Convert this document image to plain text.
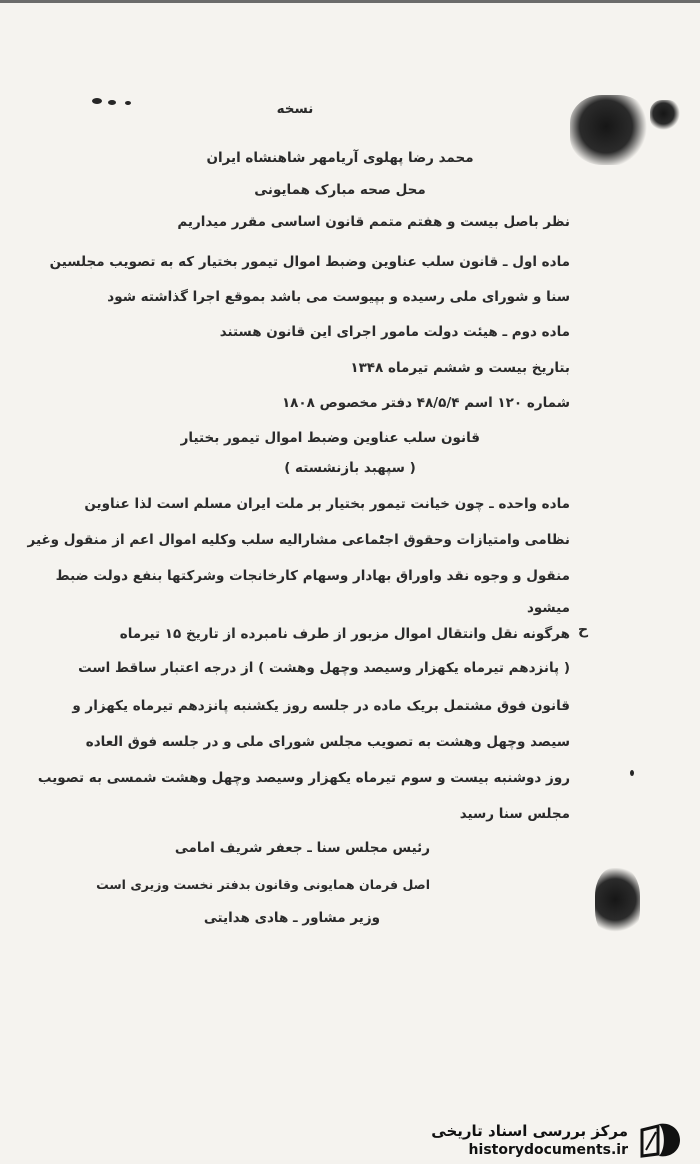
نسخه
محمد رضا پهلوی آریامهر شاهنشاه ایران
محل صحه مبارک همایونی
نظر باصل بیست و هفتم متمم قانون اساسی مقرر میداریم
ماده اول ـ قانون سلب عناوین وضبط اموال تیمور بختیار که به تصویب مجلسین
سنا و شورای ملی رسیده و بپیوست می باشد بموقع اجرا گذاشته شود
ماده دوم ـ هیئت دولت مامور اجرای این قانون هستند
بتاریخ بیست و ششم تیرماه ۱۳۴۸
شماره ۱۲۰ اسم ۴۸/۵/۴ دفتر مخصوص ۱۸۰۸
قانون سلب عناوین وضبط اموال تیمور بختیار
( سپهبد بازنشسته )
ماده واحده ـ چون خیانت تیمور بختیار بر ملت ایران مسلم است لذا عناوین
نظامی وامتیازات وحقوق اجتماعی مشارالیه سلب وکلیه اموال اعم از منقول وغیر
منقول و وجوه نقد واوراق بهادار وسهام کارخانجات وشرکتها بنفع دولت ضبط
میشود
هرگونه نقل وانتقال اموال مزبور از طرف نامبرده از تاریخ ۱۵ تیرماه
( پانزدهم تیرماه یکهزار وسیصد وچهل وهشت ) از درجه اعتبار ساقط است
قانون فوق مشتمل بریک ماده در جلسه روز یکشنبه پانزدهم تیرماه یکهزار و
سیصد وچهل وهشت به تصویب مجلس شورای ملی و در جلسه فوق العاده
روز دوشنبه بیست و سوم تیرماه یکهزار وسیصد وچهل وهشت شمسی به تصویب
مجلس سنا رسید
رئیس مجلس سنا ـ جعفر شریف امامی
اصل فرمان همایونی وقانون بدفتر نخست وزیری است
وزیر مشاور ـ هادی هدایتی
ح
مرکز بررسی اسناد تاریخی
historydocuments.ir
